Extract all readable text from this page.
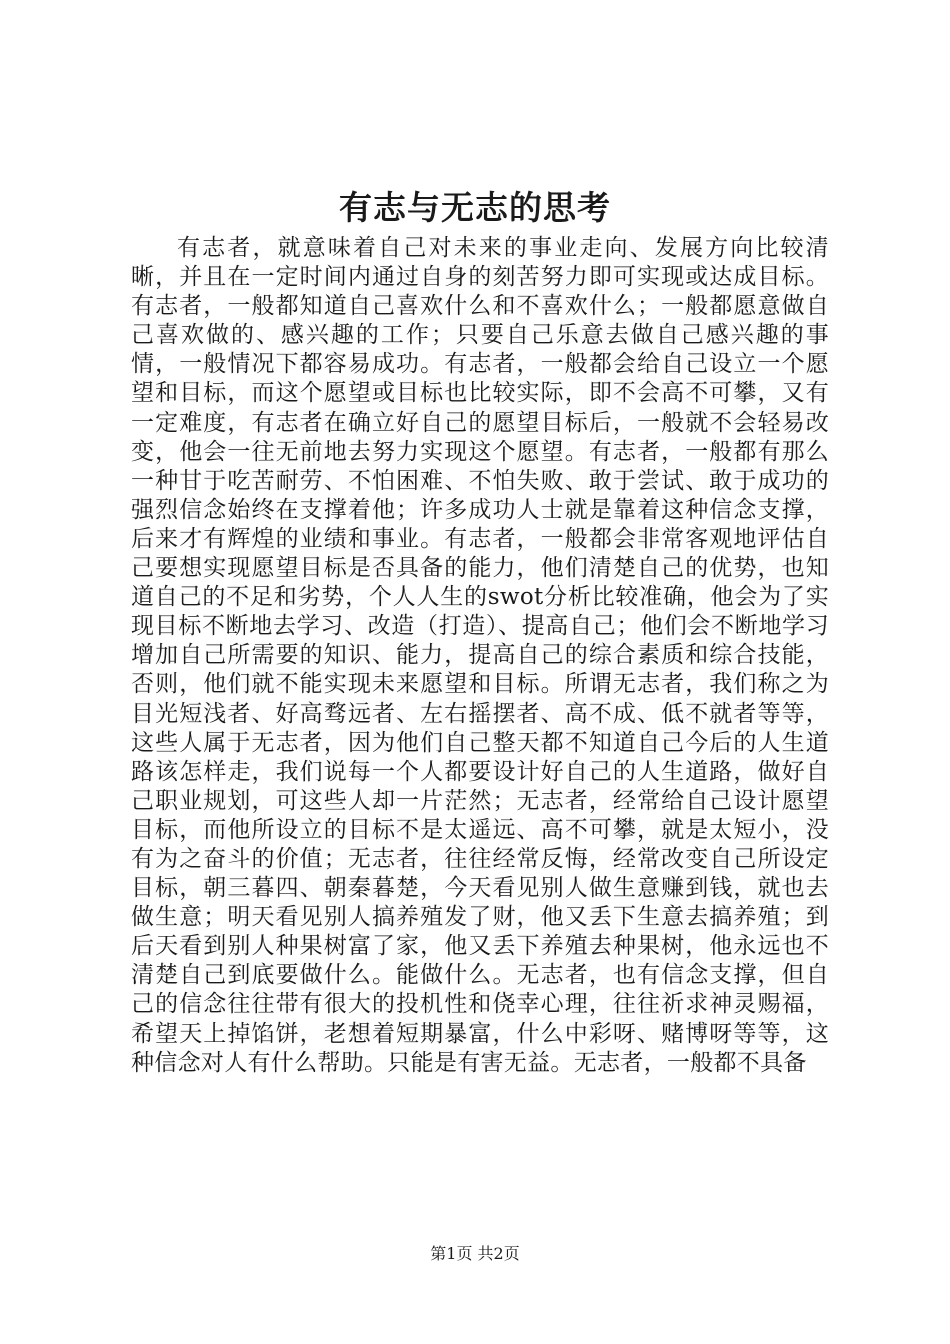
有志与无志的思考

有志者，就意味着自己对未来的事业走向、发展方向比较清晰，并且在一定时间内通过自身的刻苦努力即可实现或达成目标。有志者，一般都知道自己喜欢什么和不喜欢什么；一般都愿意做自己喜欢做的、感兴趣的工作；只要自己乐意去做自己感兴趣的事情，一般情况下都容易成功。有志者，一般都会给自己设立一个愿望和目标，而这个愿望或目标也比较实际，即不会高不可攀，又有一定难度，有志者在确立好自己的愿望目标后，一般就不会轻易改变，他会一往无前地去努力实现这个愿望。有志者，一般都有那么一种甘于吃苦耐劳、不怕困难、不怕失败、敢于尝试、敢于成功的强烈信念始终在支撑着他；许多成功人士就是靠着这种信念支撑，后来才有辉煌的业绩和事业。有志者，一般都会非常客观地评估自己要想实现愿望目标是否具备的能力，他们清楚自己的优势，也知道自己的不足和劣势，个人人生的swot分析比较准确，他会为了实现目标不断地去学习、改造（打造）、提高自己；他们会不断地学习增加自己所需要的知识、能力，提高自己的综合素质和综合技能，否则，他们就不能实现未来愿望和目标。所谓无志者，我们称之为目光短浅者、好高骛远者、左右摇摆者、高不成、低不就者等等，这些人属于无志者，因为他们自己整天都不知道自己今后的人生道路该怎样走，我们说每一个人都要设计好自己的人生道路，做好自己职业规划，可这些人却一片茫然；无志者，经常给自己设计愿望目标，而他所设立的目标不是太遥远、高不可攀，就是太短小，没有为之奋斗的价值；无志者，往往经常反悔，经常改变自己所设定目标，朝三暮四、朝秦暮楚，今天看见别人做生意赚到钱，就也去做生意；明天看见别人搞养殖发了财，他又丢下生意去搞养殖；到后天看到别人种果树富了家，他又丢下养殖去种果树，他永远也不清楚自己到底要做什么。能做什么。无志者，也有信念支撑，但自己的信念往往带有很大的投机性和侥幸心理，往往祈求神灵赐福，希望天上掉馅饼，老想着短期暴富，什么中彩呀、赌博呀等等，这种信念对人有什么帮助。只能是有害无益。无志者，一般都不具备

第1页 共2页
